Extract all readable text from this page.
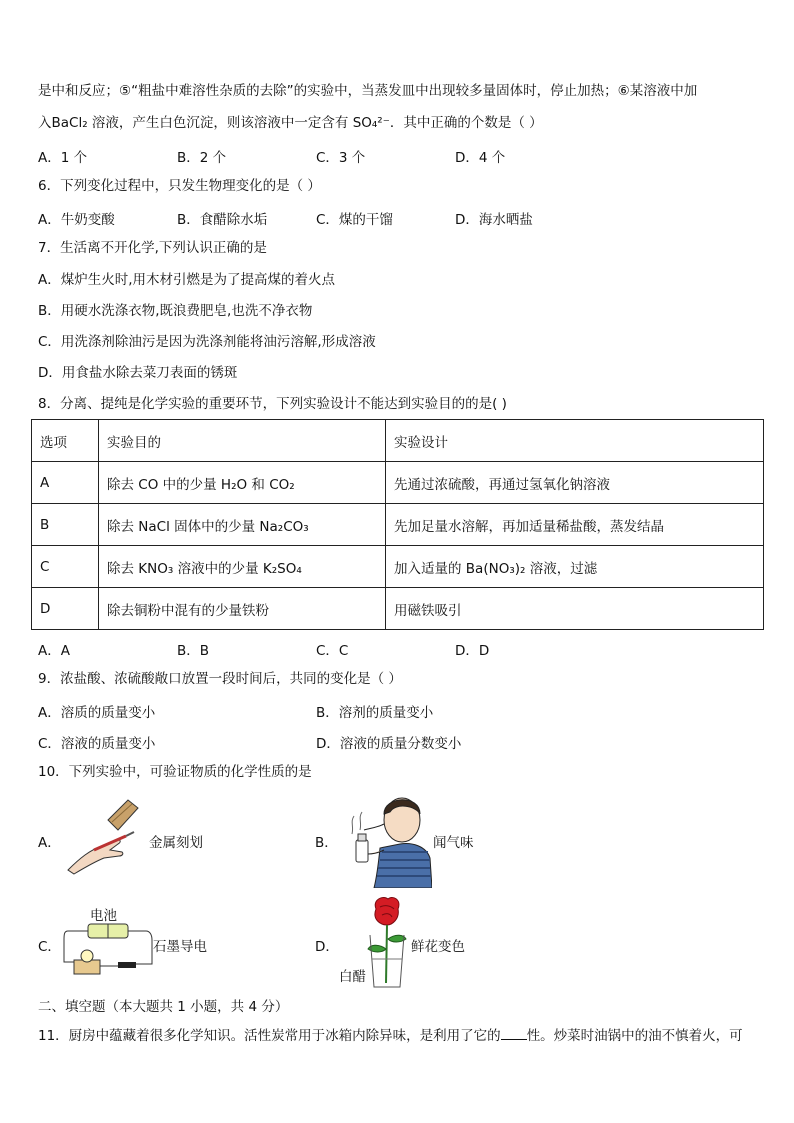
是中和反应；⑤“粗盐中难溶性杂质的去除”的实验中，当蒸发皿中出现较多量固体时，停止加热；⑥某溶液中加
入BaCl₂ 溶液，产生白色沉淀，则该溶液中一定含有 SO₄²⁻．其中正确的个数是（ ）
A．1 个	B．2 个	C．3 个	D．4 个
6．下列变化过程中，只发生物理变化的是（ ）
A．牛奶变酸	B．食醋除水垢	C．煤的干馏	D．海水晒盐
7．生活离不开化学,下列认识正确的是
A．煤炉生火时,用木材引燃是为了提高煤的着火点
B．用硬水洗涤衣物,既浪费肥皂,也洗不净衣物
C．用洗涤剂除油污是因为洗涤剂能将油污溶解,形成溶液
D．用食盐水除去菜刀表面的锈斑
8．分离、提纯是化学实验的重要环节，下列实验设计不能达到实验目的的是( )
选项	实验目的	实验设计
A	除去 CO 中的少量 H₂O 和 CO₂	先通过浓硫酸，再通过氢氧化钠溶液
B	除去 NaCl 固体中的少量 Na₂CO₃	先加足量水溶解，再加适量稀盐酸，蒸发结晶
C	除去 KNO₃ 溶液中的少量 K₂SO₄	加入适量的 Ba(NO₃)₂ 溶液，过滤
D	除去铜粉中混有的少量铁粉	用磁铁吸引
A．A	B．B	C．C	D．D
9．浓盐酸、浓硫酸敞口放置一段时间后，共同的变化是（ ）
A．溶质的质量变小	B．溶剂的质量变小
C．溶液的质量变小	D．溶液的质量分数变小
10．下列实验中，可验证物质的化学性质的是
A．	金属刻划	B．	闻气味
电池
C．	石墨导电	D．	鲜花变色
白醋
二、填空题（本大题共 1 小题，共 4 分）
11．厨房中蕴藏着很多化学知识。活性炭常用于冰箱内除异味，是利用了它的 性。炒菜时油锅中的油不慎着火，可
